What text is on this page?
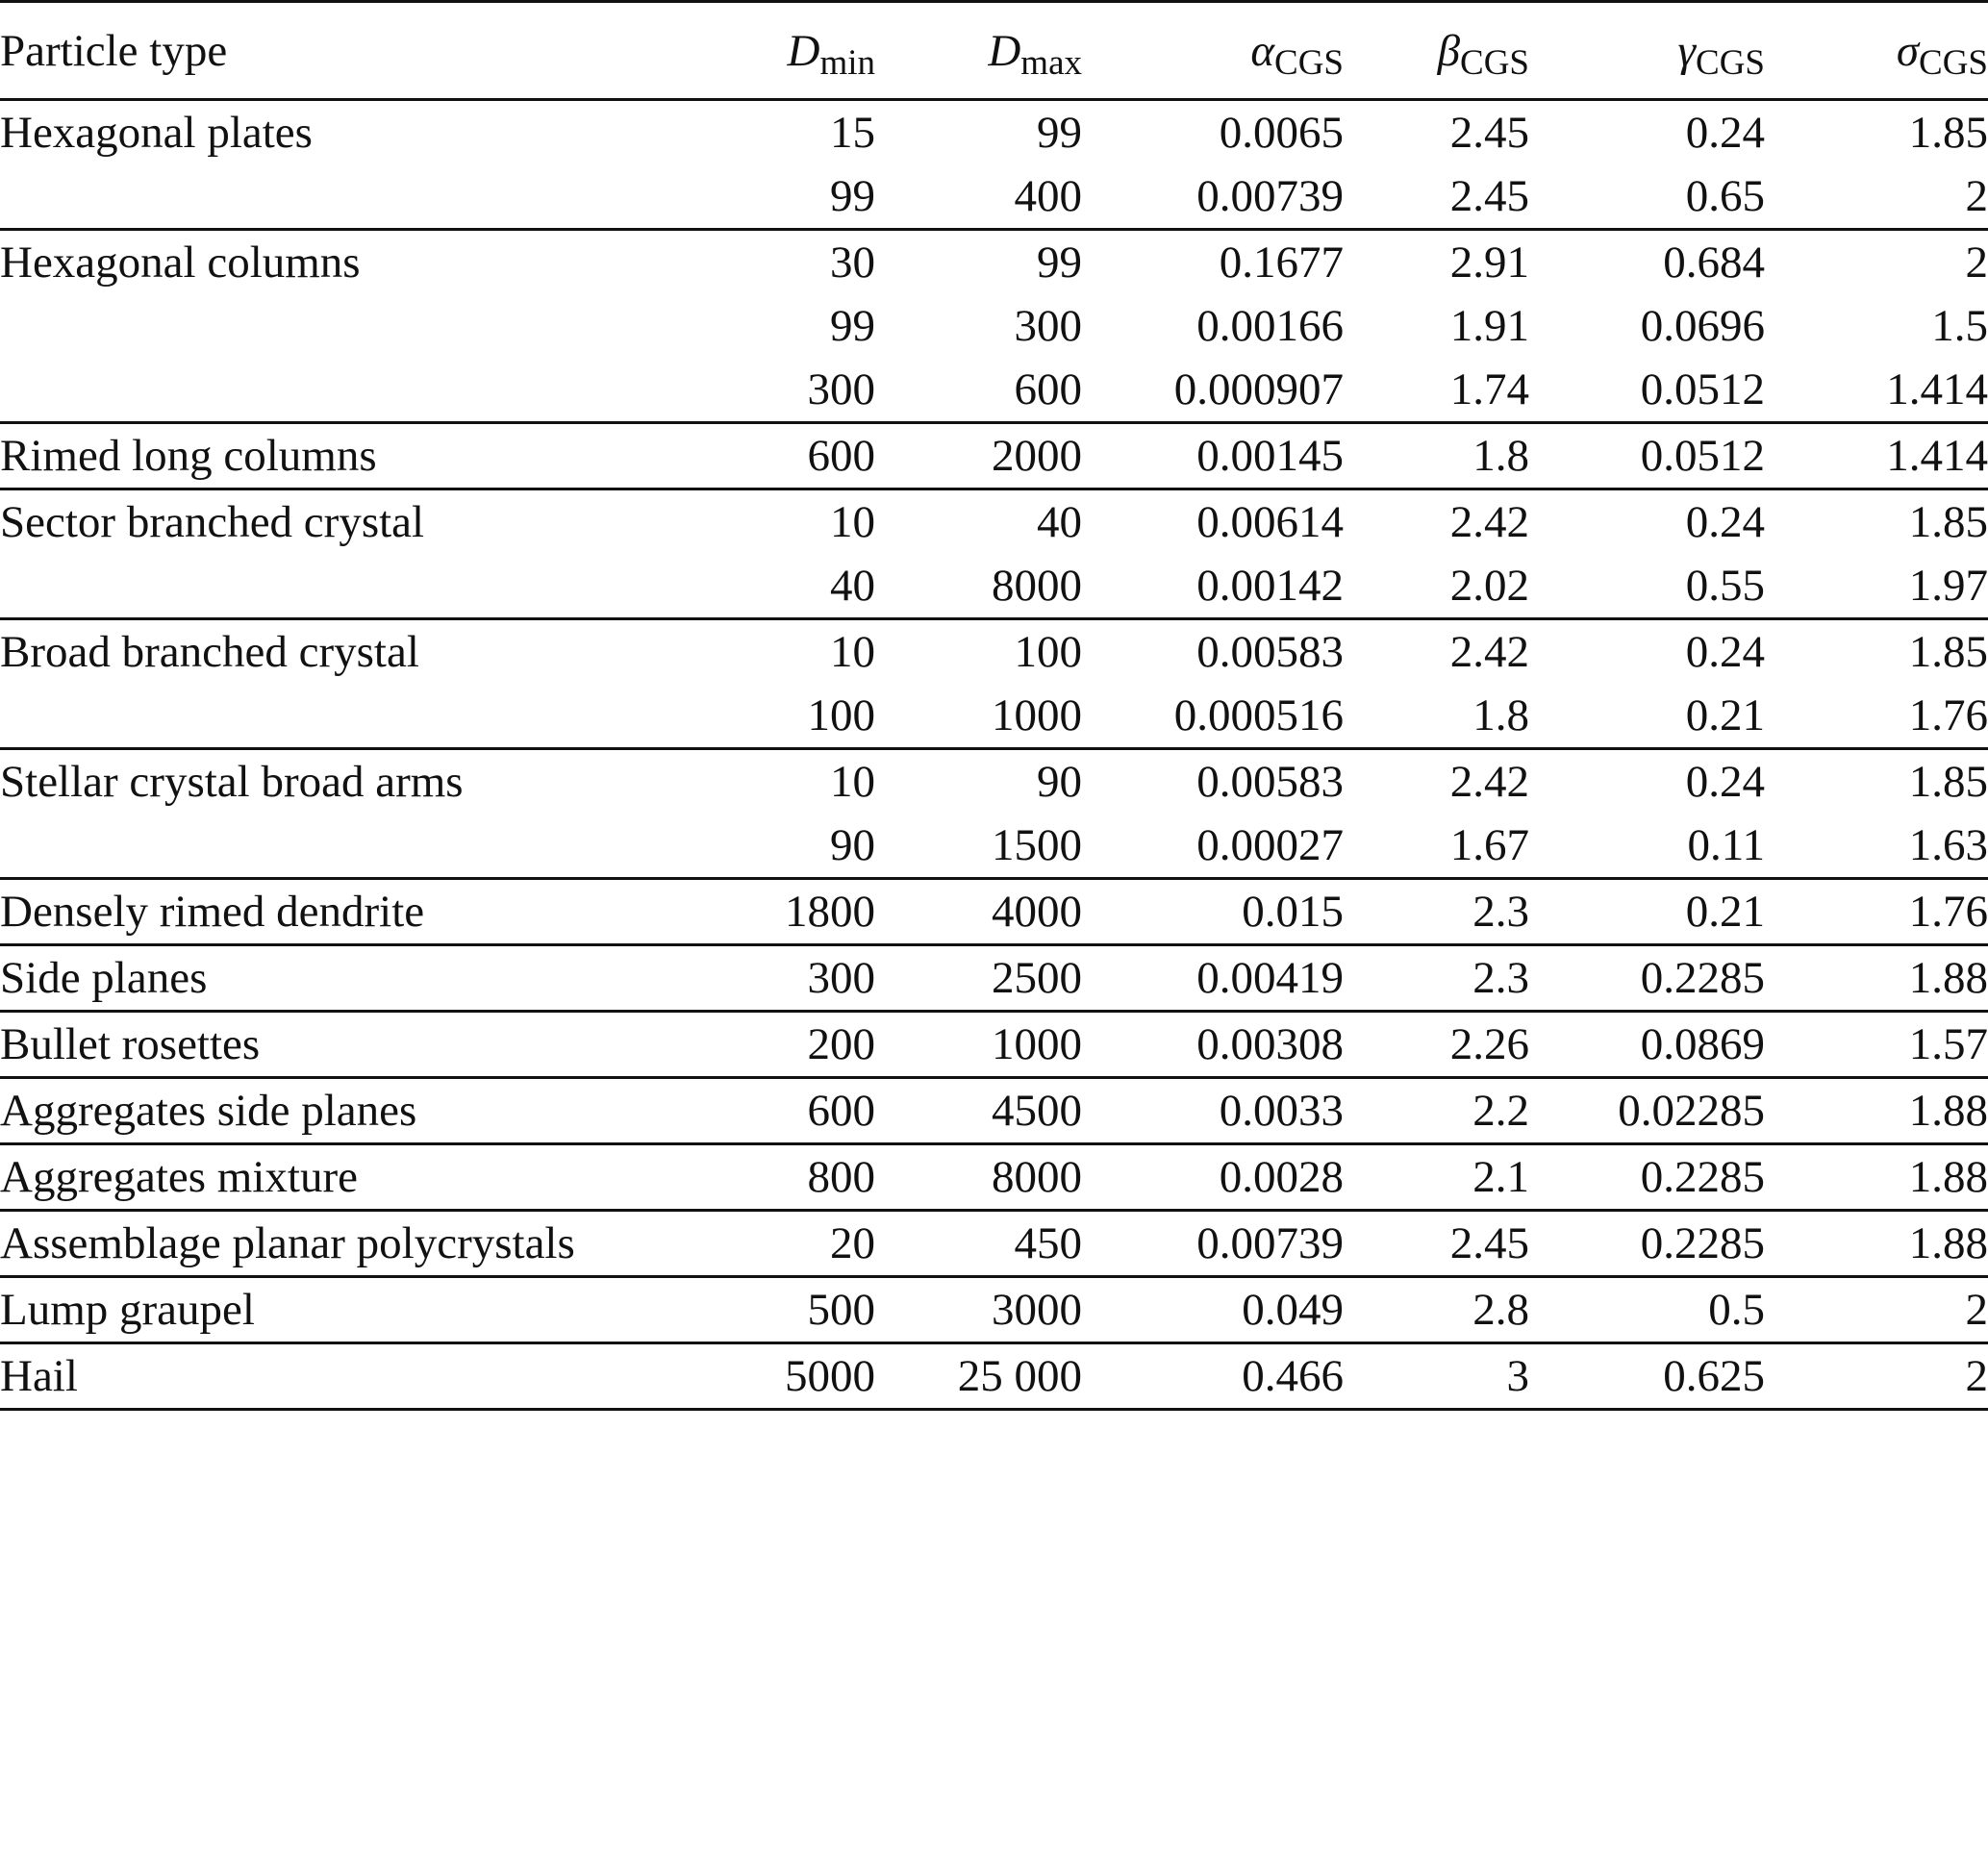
Particle type	$D_{min}$	$D_{max}$	$\alpha_{CGS}$	$\beta_{CGS}$	$\gamma_{CGS}$	$\sigma_{CGS}$
Hexagonal plates	15	99	0.0065	2.45	0.24	1.85
	99	400	0.00739	2.45	0.65	2
Hexagonal columns	30	99	0.1677	2.91	0.684	2
	99	300	0.00166	1.91	0.0696	1.5
	300	600	0.000907	1.74	0.0512	1.414
Rimed long columns	600	2000	0.00145	1.8	0.0512	1.414
Sector branched crystal	10	40	0.00614	2.42	0.24	1.85
	40	8000	0.00142	2.02	0.55	1.97
Broad branched crystal	10	100	0.00583	2.42	0.24	1.85
	100	1000	0.000516	1.8	0.21	1.76
Stellar crystal broad arms	10	90	0.00583	2.42	0.24	1.85
	90	1500	0.00027	1.67	0.11	1.63
Densely rimed dendrite	1800	4000	0.015	2.3	0.21	1.76
Side planes	300	2500	0.00419	2.3	0.2285	1.88
Bullet rosettes	200	1000	0.00308	2.26	0.0869	1.57
Aggregates side planes	600	4500	0.0033	2.2	0.02285	1.88
Aggregates mixture	800	8000	0.0028	2.1	0.2285	1.88
Assemblage planar polycrystals	20	450	0.00739	2.45	0.2285	1.88
Lump graupel	500	3000	0.049	2.8	0.5	2
Hail	5000	25 000	0.466	3	0.625	2
